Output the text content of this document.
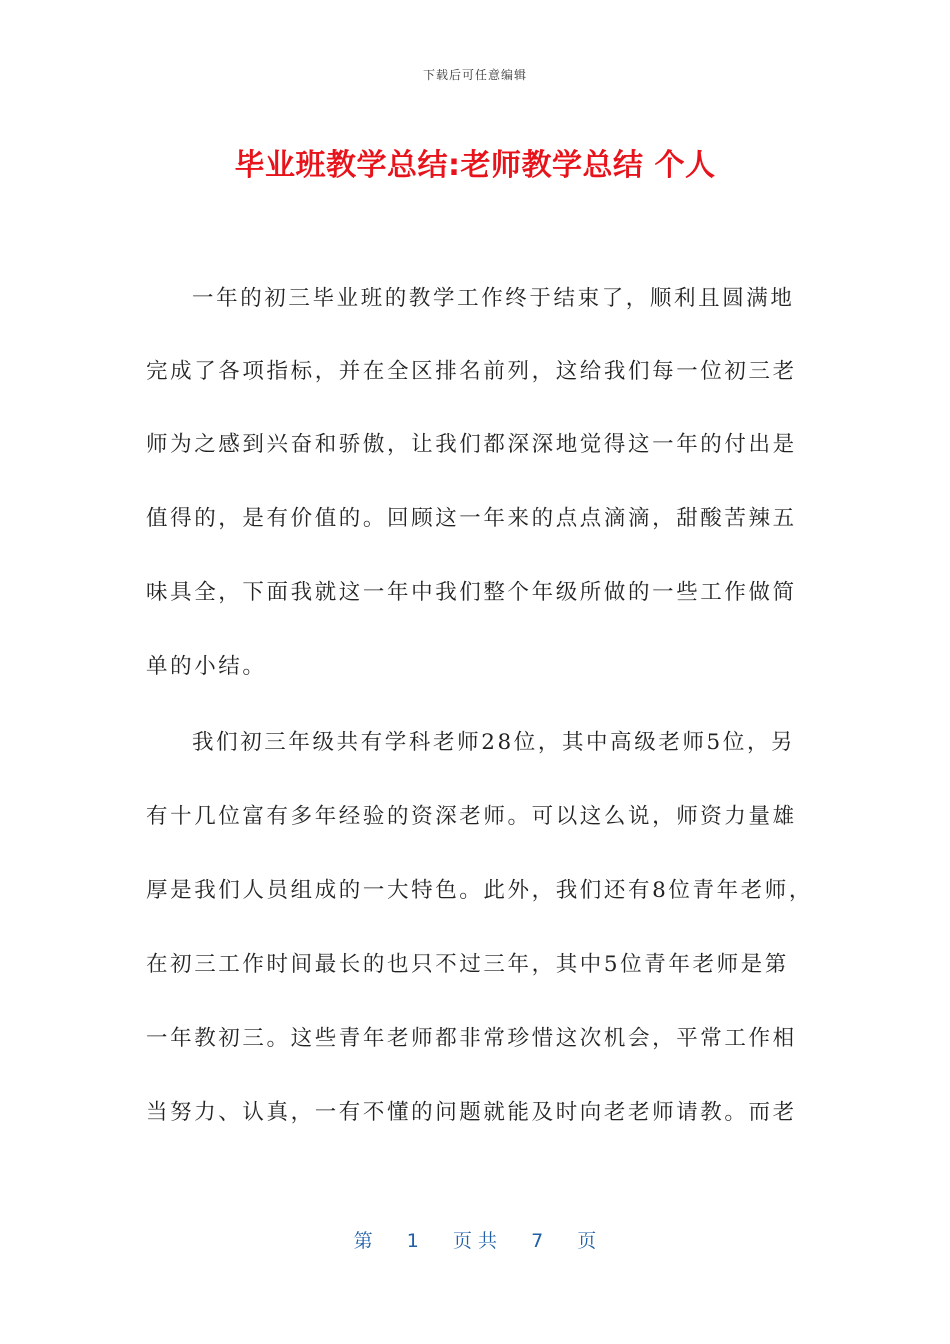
下载后可任意编辑
毕业班教学总结:老师教学总结 个人
一年的初三毕业班的教学工作终于结束了，顺利且圆满地
完成了各项指标，并在全区排名前列，这给我们每一位初三老
师为之感到兴奋和骄傲，让我们都深深地觉得这一年的付出是
值得的，是有价值的。回顾这一年来的点点滴滴，甜酸苦辣五
味具全，下面我就这一年中我们整个年级所做的一些工作做简
单的小结。
我们初三年级共有学科老师28位，其中高级老师5位，另
有十几位富有多年经验的资深老师。可以这么说，师资力量雄
厚是我们人员组成的一大特色。此外，我们还有8位青年老师，
在初三工作时间最长的也只不过三年，其中5位青年老师是第
一年教初三。这些青年老师都非常珍惜这次机会，平常工作相
当努力、认真，一有不懂的问题就能及时向老老师请教。而老
第 1 页 共 7 页
